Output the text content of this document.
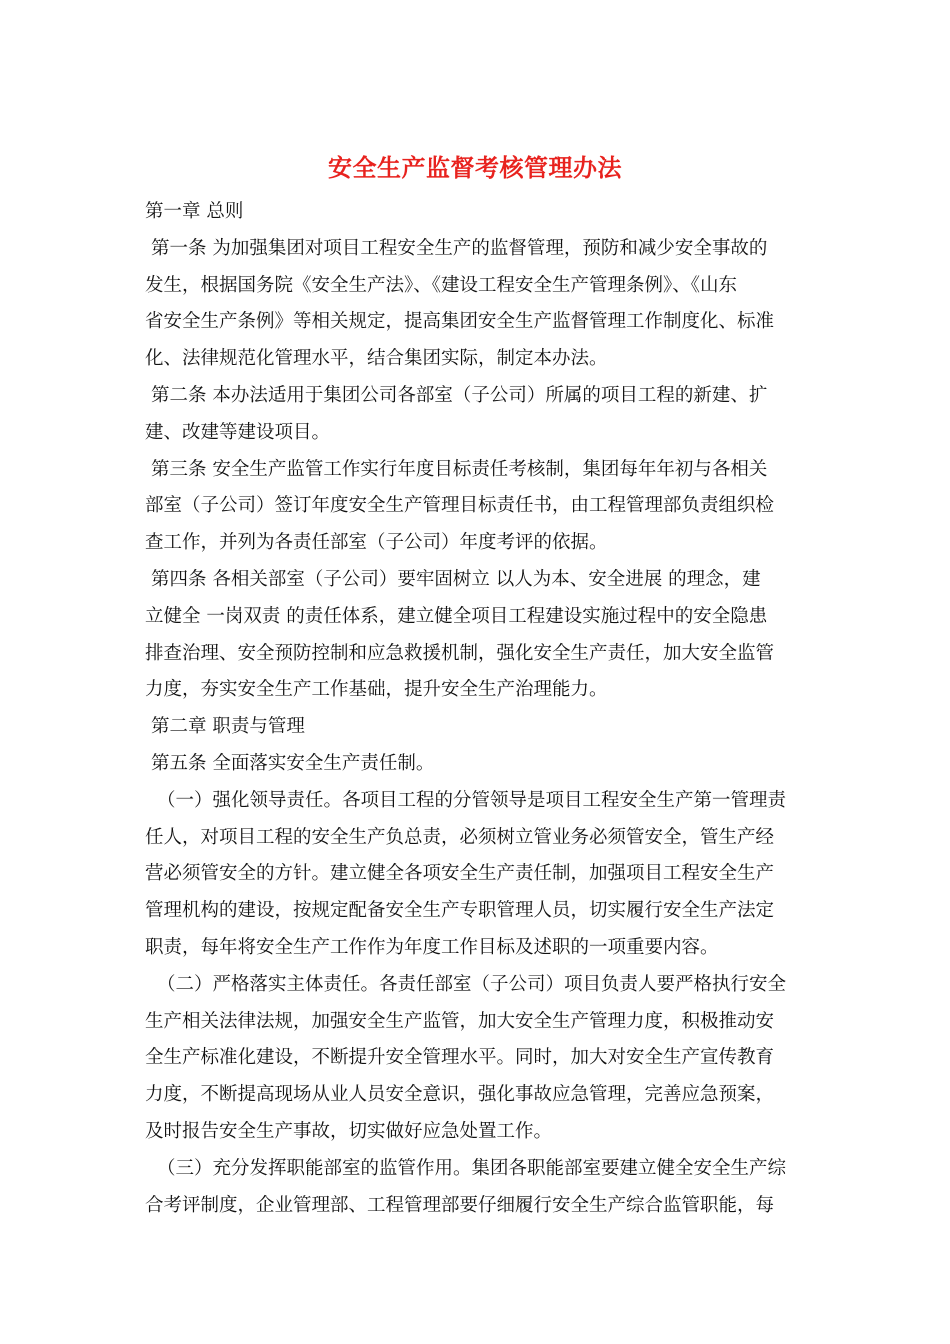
安全生产监督考核管理办法
第一章 总则
第一条 为加强集团对项目工程安全生产的监督管理，预防和减少安全事故的
发生，根据国务院《安全生产法》、《建设工程安全生产管理条例》、《山东
省安全生产条例》等相关规定，提高集团安全生产监督管理工作制度化、标准
化、法律规范化管理水平，结合集团实际，制定本办法。
第二条 本办法适用于集团公司各部室（子公司）所属的项目工程的新建、扩
建、改建等建设项目。
第三条 安全生产监管工作实行年度目标责任考核制，集团每年年初与各相关
部室（子公司）签订年度安全生产管理目标责任书，由工程管理部负责组织检
查工作，并列为各责任部室（子公司）年度考评的依据。
第四条 各相关部室（子公司）要牢固树立 以人为本、安全进展 的理念，建
立健全 一岗双责 的责任体系，建立健全项目工程建设实施过程中的安全隐患
排查治理、安全预防控制和应急救援机制，强化安全生产责任，加大安全监管
力度，夯实安全生产工作基础，提升安全生产治理能力。
第二章 职责与管理
第五条 全面落实安全生产责任制。
（一）强化领导责任。各项目工程的分管领导是项目工程安全生产第一管理责
任人，对项目工程的安全生产负总责，必须树立管业务必须管安全，管生产经
营必须管安全的方针。建立健全各项安全生产责任制，加强项目工程安全生产
管理机构的建设，按规定配备安全生产专职管理人员，切实履行安全生产法定
职责，每年将安全生产工作作为年度工作目标及述职的一项重要内容。
（二）严格落实主体责任。各责任部室（子公司）项目负责人要严格执行安全
生产相关法律法规，加强安全生产监管，加大安全生产管理力度，积极推动安
全生产标准化建设，不断提升安全管理水平。同时，加大对安全生产宣传教育
力度，不断提高现场从业人员安全意识，强化事故应急管理，完善应急预案，
及时报告安全生产事故，切实做好应急处置工作。
（三）充分发挥职能部室的监管作用。集团各职能部室要建立健全安全生产综
合考评制度，企业管理部、工程管理部要仔细履行安全生产综合监管职能，每
